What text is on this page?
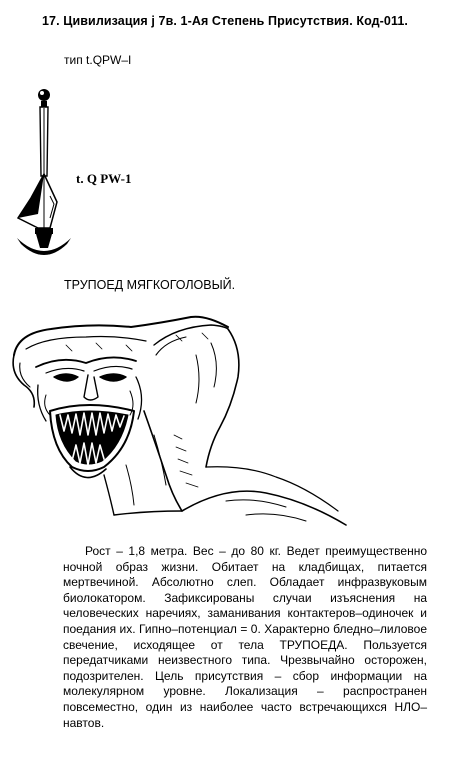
17. Цивилизация j 7в. 1-Ая Степень Присутствия. Код-011.
тип t.QPW–I
t. Q PW-1
ТРУПОЕД МЯГКОГОЛОВЫЙ.

Рост – 1,8 метра. Вес – до 80 кг. Ведет преимущественно ночной образ жизни. Обитает на кладбищах, питается мертвечиной. Абсолютно слеп. Обладает инфразвуковым биолокатором. Зафиксированы случаи изъяснения на человеческих наречиях, заманивания контактеров–одиночек и поедания их. Гипно–потенциал = 0. Характерно бледно–лиловое свечение, исходящее от тела ТРУПОЕДА. Пользуется передатчиками неизвестного типа. Чрезвычайно осторожен, подозрителен. Цель присутствия – сбор информации на молекулярном уровне. Локализация – распространен повсеместно, один из наиболее часто встречающихся НЛО–навтов.
